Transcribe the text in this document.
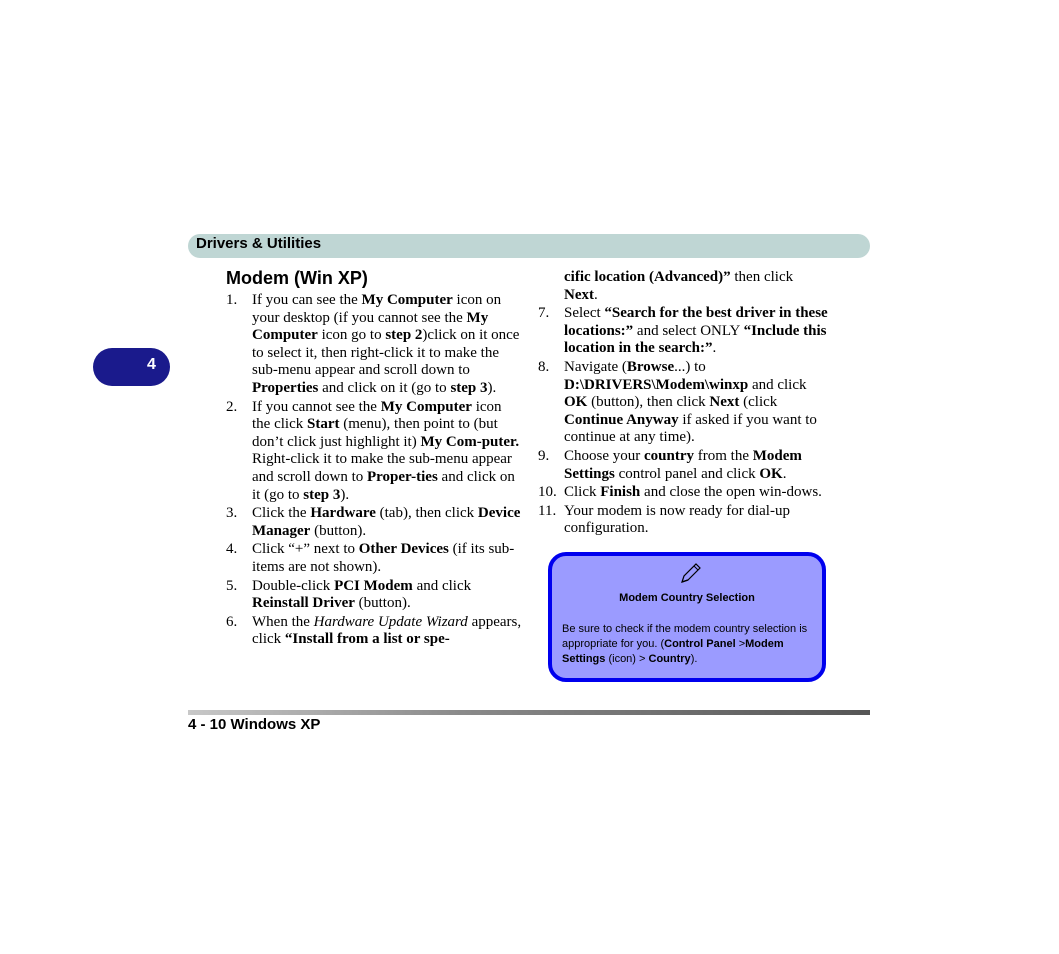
Drivers & Utilities
4
Modem (Win XP)
1. If you can see the My Computer icon on your desktop (if you cannot see the My Computer icon go to step 2)click on it once to select it, then right-click it to make the sub-menu appear and scroll down to Properties and click on it (go to step 3).
2. If you cannot see the My Computer icon the click Start (menu), then point to (but don’t click just highlight it) My Com-puter. Right-click it to make the sub-menu appear and scroll down to Proper-ties and click on it (go to step 3).
3. Click the Hardware (tab), then click Device Manager (button).
4. Click “+” next to Other Devices (if its sub-items are not shown).
5. Double-click PCI Modem and click Reinstall Driver (button).
6. When the Hardware Update Wizard appears, click “Install from a list or spe-
cific location (Advanced)” then click Next.
7. Select “Search for the best driver in these locations:” and select ONLY “Include this location in the search:”.
8. Navigate (Browse...) to D:\DRIVERS\Modem\winxp and click OK (button), then click Next (click Continue Anyway if asked if you want to continue at any time).
9. Choose your country from the Modem Settings control panel and click OK.
10. Click Finish and close the open win-dows.
11. Your modem is now ready for dial-up configuration.
Modem Country Selection
Be sure to check if the modem country selection is appropriate for you. (Control Panel >Modem Settings (icon) > Country).
4 - 10 Windows XP
